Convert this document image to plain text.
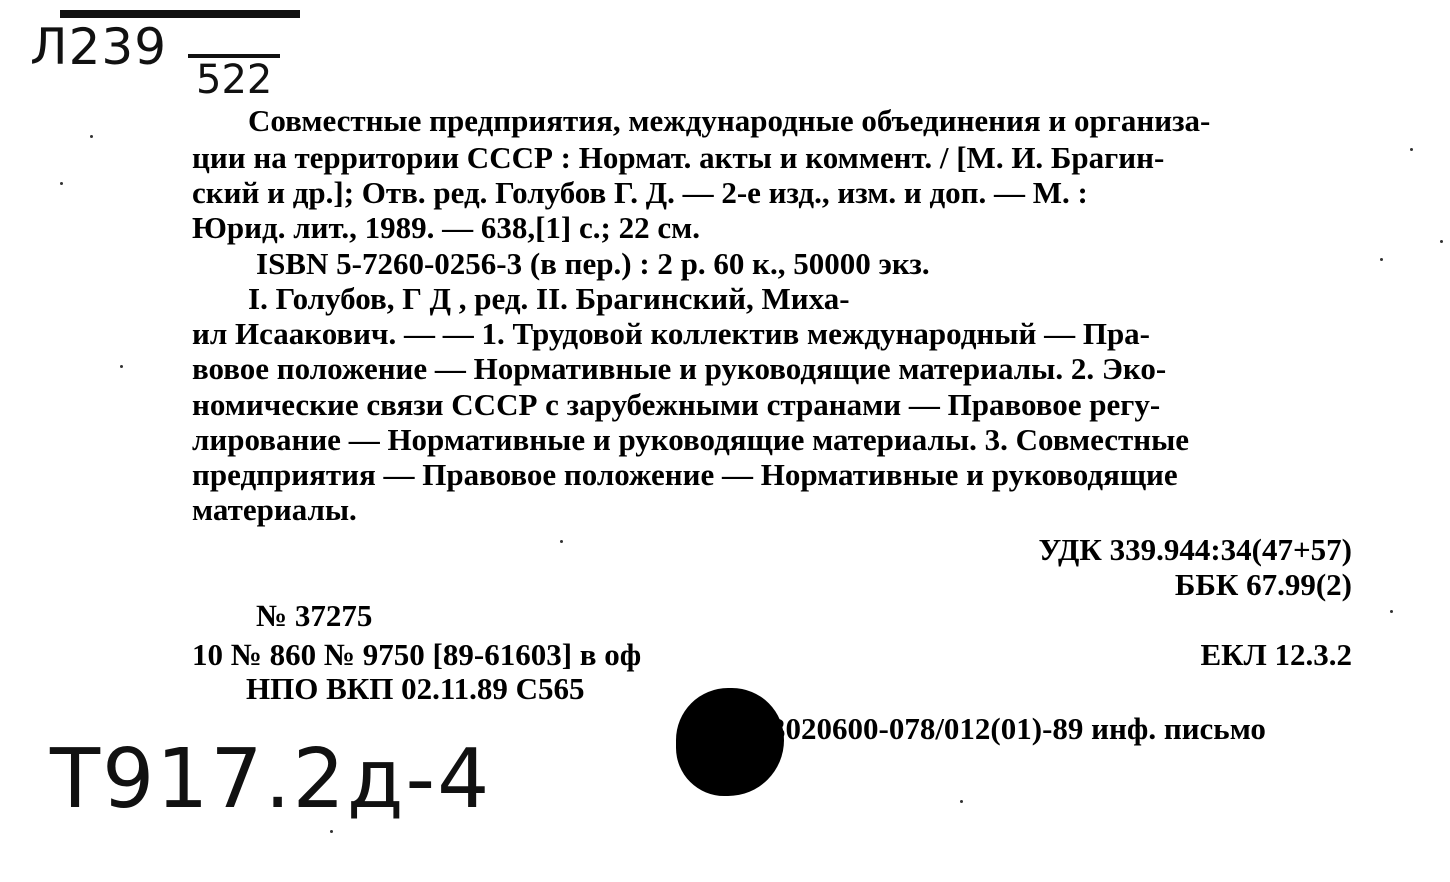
Л239
522
Совместные предприятия, международные объединения и организа-
ции на территории СССР : Нормат. акты и коммент. / [М. И. Брагин-
ский и др.]; Отв. ред. Голубов Г. Д. — 2-е изд., изм. и доп. — М. :
Юрид. лит., 1989. — 638,[1] с.; 22 см.
ISBN 5-7260-0256-3 (в пер.) : 2 р. 60 к., 50000 экз.
I. Голубов, Г Д , ред. II. Брагинский, Миха-
ил Исаакович. — — 1. Трудовой коллектив международный — Пра-
вовое положение — Нормативные и руководящие материалы. 2. Эко-
номические связи СССР с зарубежными странами — Правовое регу-
лирование — Нормативные и руководящие материалы. 3. Совместные
предприятия — Правовое положение — Нормативные и руководящие
материалы.
УДК 339.944:34(47+57)
ББК 67.99(2)
№ 37275
10 № 860 № 9750 [89-61603] в оф	ЕКЛ 12.3.2
НПО ВКП 02.11.89 С565
3020600-078/012(01)-89 инф. письмо
Т917.2д-4
